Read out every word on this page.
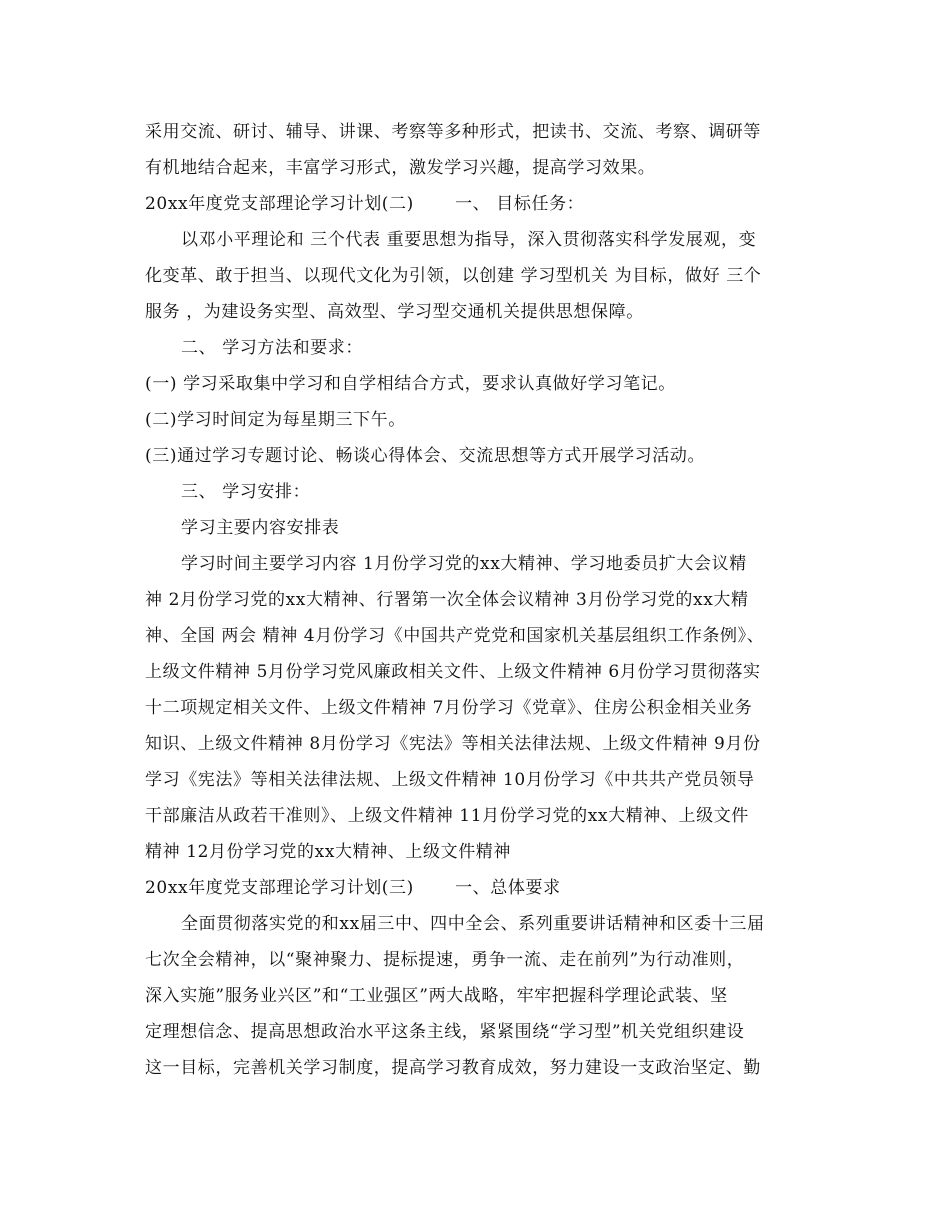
采用交流、研讨、辅导、讲课、考察等多种形式，把读书、交流、考察、调研等

有机地结合起来，丰富学习形式，激发学习兴趣，提高学习效果。

20xx年度党支部理论学习计划(二)　　 一、 目标任务：

以邓小平理论和 三个代表 重要思想为指导，深入贯彻落实科学发展观，变

化变革、敢于担当、以现代文化为引领，以创建 学习型机关 为目标，做好 三个

服务 ，为建设务实型、高效型、学习型交通机关提供思想保障。

二、 学习方法和要求：

(一) 学习采取集中学习和自学相结合方式，要求认真做好学习笔记。

(二)学习时间定为每星期三下午。

(三)通过学习专题讨论、畅谈心得体会、交流思想等方式开展学习活动。

三、 学习安排：

学习主要内容安排表

学习时间主要学习内容 1月份学习党的xx大精神、学习地委员扩大会议精

神 2月份学习党的xx大精神、行署第一次全体会议精神 3月份学习党的xx大精

神、全国 两会 精神 4月份学习《中国共产党党和国家机关基层组织工作条例》、

上级文件精神 5月份学习党风廉政相关文件、上级文件精神 6月份学习贯彻落实

十二项规定相关文件、上级文件精神 7月份学习《党章》、住房公积金相关业务

知识、上级文件精神 8月份学习《宪法》等相关法律法规、上级文件精神 9月份

学习《宪法》等相关法律法规、上级文件精神 10月份学习《中共共产党员领导

干部廉洁从政若干准则》、上级文件精神 11月份学习党的xx大精神、上级文件

精神 12月份学习党的xx大精神、上级文件精神

20xx年度党支部理论学习计划(三)　　 一、总体要求

全面贯彻落实党的和xx届三中、四中全会、系列重要讲话精神和区委十三届

七次全会精神，以“聚神聚力、提标提速，勇争一流、走在前列”为行动准则，

深入实施”服务业兴区”和“工业强区”两大战略，牢牢把握科学理论武装、坚

定理想信念、提高思想政治水平这条主线，紧紧围绕“学习型”机关党组织建设

这一目标，完善机关学习制度，提高学习教育成效，努力建设一支政治坚定、勤
